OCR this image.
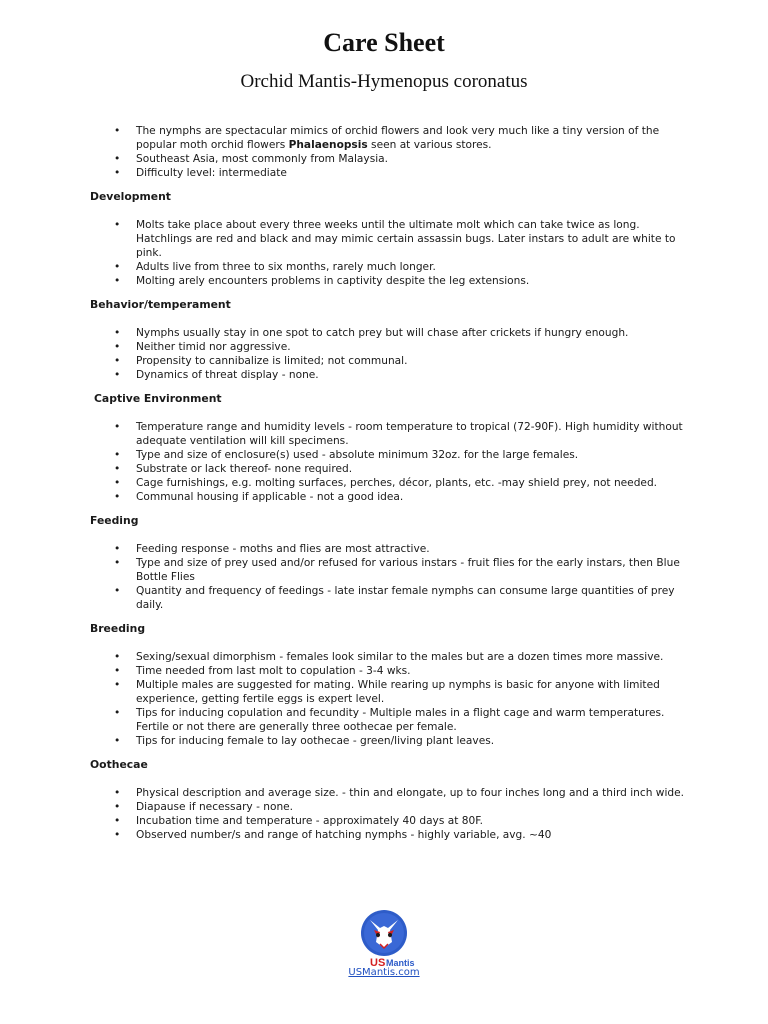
Care Sheet
Orchid Mantis-Hymenopus coronatus
• The nymphs are spectacular mimics of orchid flowers and look very much like a tiny version of the popular moth orchid flowers Phalaenopsis seen at various stores.
• Southeast Asia, most commonly from Malaysia.
• Difficulty level: intermediate

Development

• Molts take place about every three weeks until the ultimate molt which can take twice as long. Hatchlings are red and black and may mimic certain assassin bugs. Later instars to adult are white to pink.
• Adults live from three to six months, rarely much longer.
• Molting arely encounters problems in captivity despite the leg extensions.

Behavior/temperament

• Nymphs usually stay in one spot to catch prey but will chase after crickets if hungry enough.
• Neither timid nor aggressive.
• Propensity to cannibalize is limited; not communal.
• Dynamics of threat display - none.

Captive Environment

• Temperature range and humidity levels - room temperature to tropical (72-90F). High humidity without adequate ventilation will kill specimens.
• Type and size of enclosure(s) used - absolute minimum 32oz. for the large females.
• Substrate or lack thereof- none required.
• Cage furnishings, e.g. molting surfaces, perches, décor, plants, etc. -may shield prey, not needed.
• Communal housing if applicable - not a good idea.

Feeding

• Feeding response - moths and flies are most attractive.
• Type and size of prey used and/or refused for various instars - fruit flies for the early instars, then Blue Bottle Flies
• Quantity and frequency of feedings - late instar female nymphs can consume large quantities of prey daily.

Breeding

• Sexing/sexual dimorphism - females look similar to the males but are a dozen times more massive.
• Time needed from last molt to copulation - 3-4 wks.
• Multiple males are suggested for mating. While rearing up nymphs is basic for anyone with limited experience, getting fertile eggs is expert level.
• Tips for inducing copulation and fecundity - Multiple males in a flight cage and warm temperatures. Fertile or not there are generally three oothecae per female.
• Tips for inducing female to lay oothecae - green/living plant leaves.

Oothecae

• Physical description and average size. - thin and elongate, up to four inches long and a third inch wide.
• Diapause if necessary - none.
• Incubation time and temperature - approximately 40 days at 80F.
• Observed number/s and range of hatching nymphs - highly variable, avg. ~40
US Mantis
USMantis.com
